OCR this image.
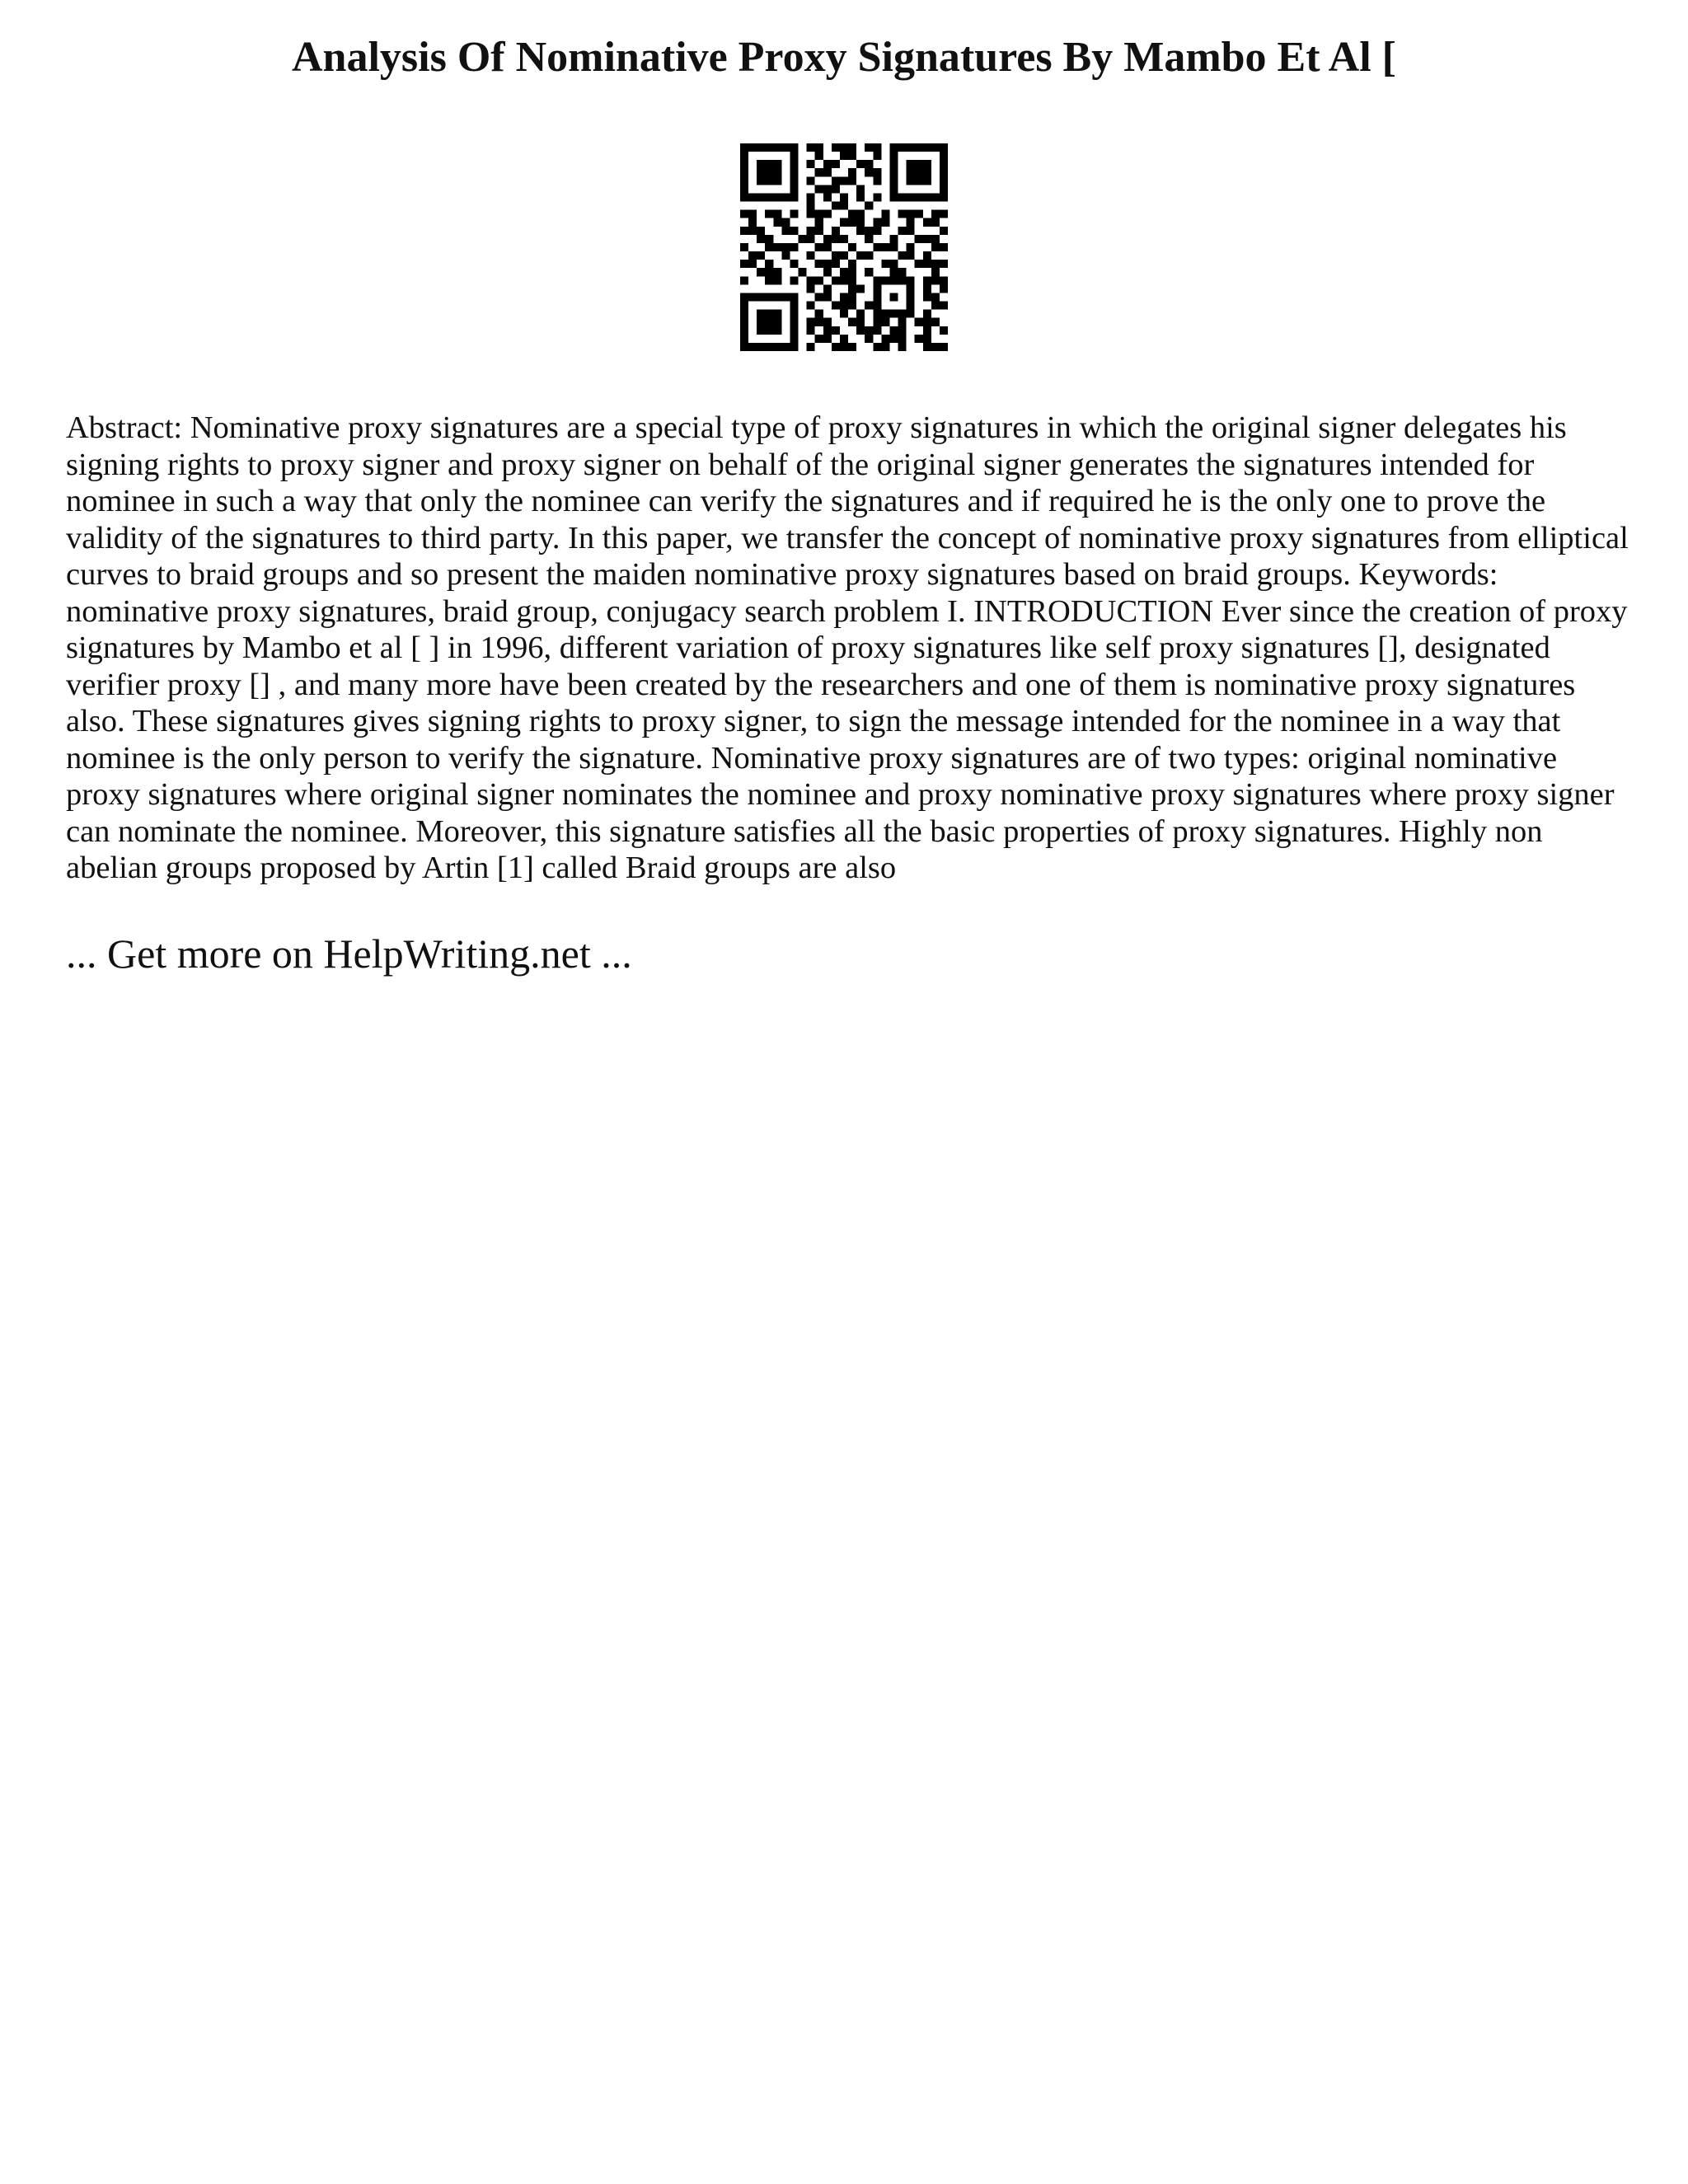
Analysis Of Nominative Proxy Signatures By Mambo Et Al [

Abstract: Nominative proxy signatures are a special type of proxy signatures in which the original signer delegates his signing rights to proxy signer and proxy signer on behalf of the original signer generates the signatures intended for nominee in such a way that only the nominee can verify the signatures and if required he is the only one to prove the validity of the signatures to third party. In this paper, we transfer the concept of nominative proxy signatures from elliptical curves to braid groups and so present the maiden nominative proxy signatures based on braid groups. Keywords: nominative proxy signatures, braid group, conjugacy search problem I. INTRODUCTION Ever since the creation of proxy signatures by Mambo et al [ ] in 1996, different variation of proxy signatures like self proxy signatures [], designated verifier proxy [] , and many more have been created by the researchers and one of them is nominative proxy signatures also. These signatures gives signing rights to proxy signer, to sign the message intended for the nominee in a way that nominee is the only person to verify the signature. Nominative proxy signatures are of two types: original nominative proxy signatures where original signer nominates the nominee and proxy nominative proxy signatures where proxy signer can nominate the nominee. Moreover, this signature satisfies all the basic properties of proxy signatures. Highly non abelian groups proposed by Artin [1] called Braid groups are also

... Get more on HelpWriting.net ...
